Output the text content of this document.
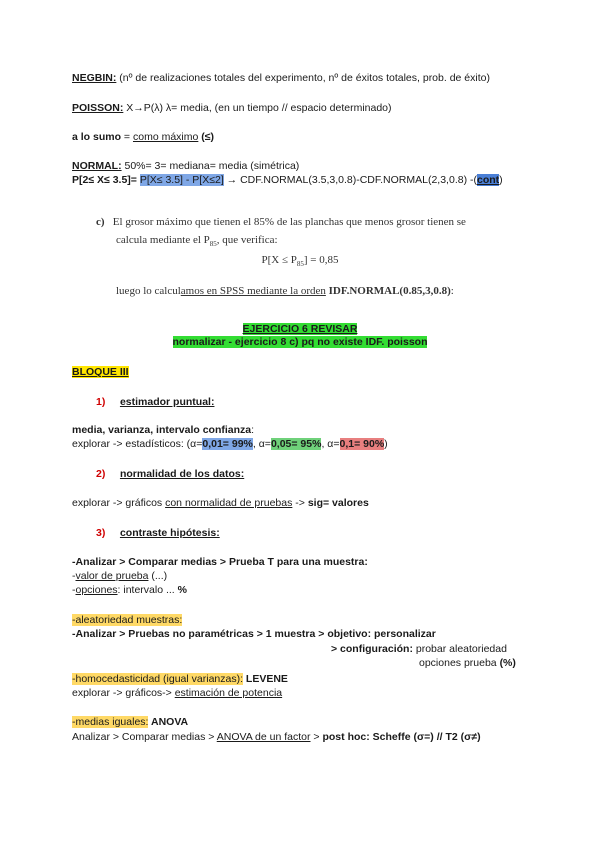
NEGBIN: (nº de realizaciones totales del experimento, nº de éxitos totales, prob. de éxito)
POISSON: X→P(λ) λ= media, (en un tiempo // espacio determinado)
a lo sumo = como máximo (≤)
NORMAL: 50%= 3= mediana= media (simétrica)
P[2≤ X≤ 3.5]= P[X≤ 3.5] - P[X≤2] → CDF.NORMAL(3.5,3,0.8)-CDF.NORMAL(2,3,0.8) -(cont)
c) El grosor máximo que tienen el 85% de las planchas que menos grosor tienen se
calcula mediante el $P_{85}$, que verifica:
$P[X \le P_{85}] = 0,85$
luego lo calculamos en SPSS mediante la orden IDF.NORMAL(0.85,3,0.8):
EJERCICIO 6 REVISAR
normalizar - ejercicio 8 c) pq no existe IDF. poisson
BLOQUE III
1) estimador puntual:
media, varianza, intervalo confianza:
explorar -> estadísticos: (α=0,01= 99%, α=0,05= 95%, α=0,1= 90%)
2) normalidad de los datos:
explorar -> gráficos con normalidad de pruebas -> sig= valores
3) contraste hipótesis:
-Analizar > Comparar medias > Prueba T para una muestra:
-valor de prueba (...)
-opciones: intervalo ... %
-aleatoriedad muestras:
-Analizar > Pruebas no paramétricas > 1 muestra > objetivo: personalizar
> configuración: probar aleatoriedad
opciones prueba (%)
-homocedasticidad (igual varianzas): LEVENE
explorar -> gráficos-> estimación de potencia
-medias iguales: ANOVA
Analizar > Comparar medias > ANOVA de un factor > post hoc: Scheffe (σ=) // T2 (σ≠)
